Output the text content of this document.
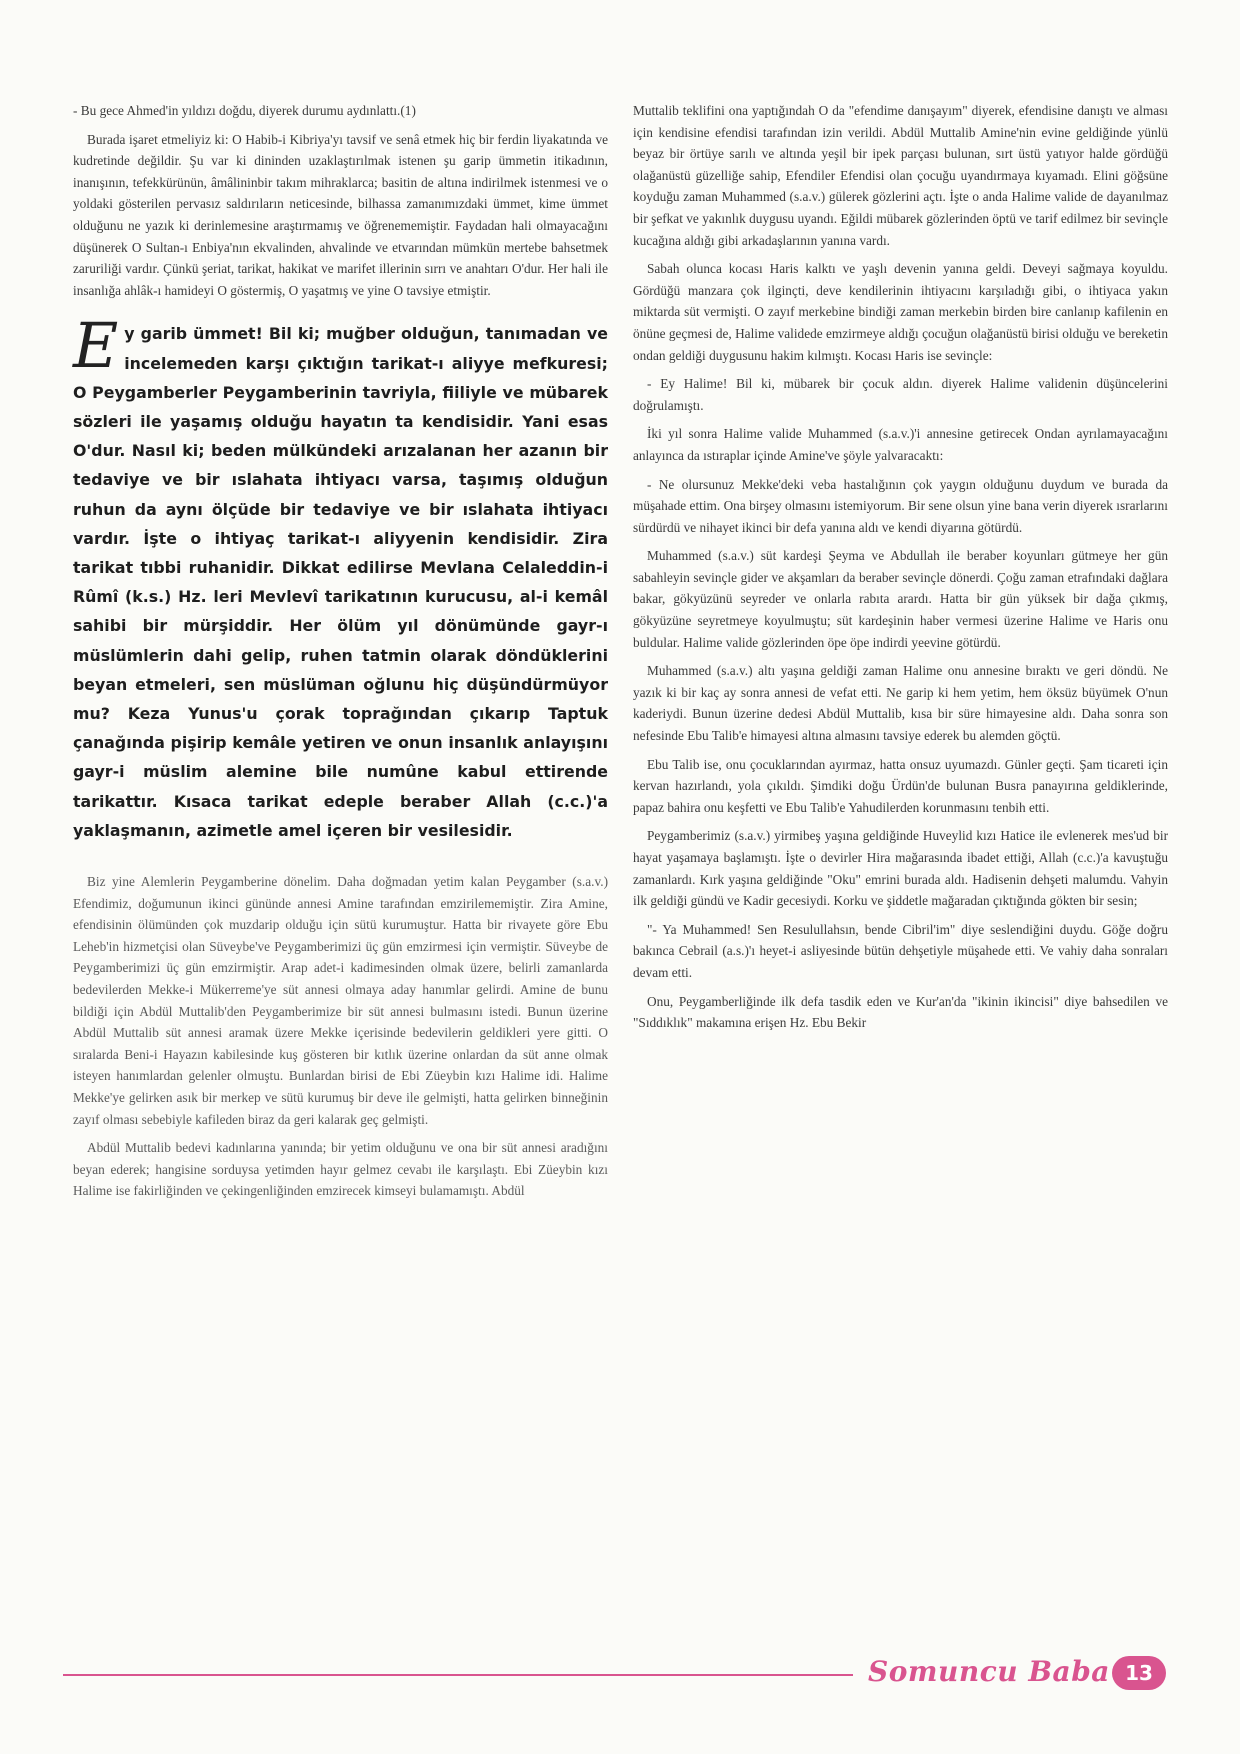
- Bu gece Ahmed'in yıldızı doğdu, diyerek durumu aydınlattı.(1)

Burada işaret etmeliyiz ki: O Habib-i Kibriya'yı tavsif ve senâ etmek hiç bir ferdin liyakatında ve kudretinde değildir. Şu var ki dininden uzaklaştırılmak istenen şu garip ümmetin itikadının, inanışının, tefekkürünün, âmâlininbir takım mihraklarca; basitin de altına indirilmek istenmesi ve o yoldaki gösterilen pervasız saldırıların neticesinde, bilhassa zamanımızdaki ümmet, kime ümmet olduğunu ne yazık ki derinlemesine araştırmamış ve öğrenememiştir. Faydadan hali olmayacağını düşünerek O Sultan-ı Enbiya'nın ekvalinden, ahvalinde ve etvarından mümkün mertebe bahsetmek zaruriliği vardır. Çünkü şeriat, tarikat, hakikat ve marifet illerinin sırrı ve anahtarı O'dur. Her hali ile insanlığa ahlâk-ı hamideyi O göstermiş, O yaşatmış ve yine O tavsiye etmiştir.

E y garib ümmet! Bil ki; muğber olduğun, tanımadan ve incelemeden karşı çıktığın tarikat-ı aliyye mefkuresi; O Peygamberler Peygamberinin tavriyla, fiiliyle ve mübarek sözleri ile yaşamış olduğu hayatın ta kendisidir. Yani esas O'dur. Nasıl ki; beden mülkündeki arızalanan her azanın bir tedaviye ve bir ıslahata ihtiyacı varsa, taşımış olduğun ruhun da aynı ölçüde bir tedaviye ve bir ıslahata ihtiyacı vardır. İşte o ihtiyaç tarikat-ı aliyyenin kendisidir. Zira tarikat tıbbi ruhanidir. Dikkat edilirse Mevlana Celaleddin-i Rûmî (k.s.) Hz. leri Mevlevî tarikatının kurucusu, al-i kemâl sahibi bir mürşiddir. Her ölüm yıl dönümünde gayr-ı müslümlerin dahi gelip, ruhen tatmin olarak döndüklerini beyan etmeleri, sen müslüman oğlunu hiç düşündürmüyor mu? Keza Yunus'u çorak toprağından çıkarıp Taptuk çanağında pişirip kemâle yetiren ve onun insanlık anlayışını gayr-i müslim alemine bile numûne kabul ettirende tarikattır. Kısaca tarikat edeple beraber Allah (c.c.)'a yaklaşmanın, azimetle amel içeren bir vesilesidir.

Biz yine Alemlerin Peygamberine dönelim. Daha doğmadan yetim kalan Peygamber (s.a.v.) Efendimiz, doğumunun ikinci gününde annesi Amine tarafından emzirilememiştir. Zira Amine, efendisinin ölümünden çok muzdarip olduğu için sütü kurumuştur. Hatta bir rivayete göre Ebu Leheb'in hizmetçisi olan Süveybe've Peygamberimizi üç gün emzirmesi için vermiştir. Süveybe de Peygamberimizi üç gün emzirmiştir. Arap adet-i kadimesinden olmak üzere, belirli zamanlarda bedevilerden Mekke-i Mükerreme'ye süt annesi olmaya aday hanımlar gelirdi. Amine de bunu bildiği için Abdül Muttalib'den Peygamberimize bir süt annesi bulmasını istedi. Bunun üzerine Abdül Muttalib süt annesi aramak üzere Mekke içerisinde bedevilerin geldikleri yere gitti. O sıralarda Beni-i Hayazın kabilesinde kuş gösteren bir kıtlık üzerine onlardan da süt anne olmak isteyen hanımlardan gelenler olmuştu. Bunlardan birisi de Ebi Züeybin kızı Halime idi. Halime Mekke'ye gelirken asık bir merkep ve sütü kurumuş bir deve ile gelmişti, hatta gelirken binneğinin zayıf olması sebebiyle kafileden biraz da geri kalarak geç gelmişti.

Abdül Muttalib bedevi kadınlarına yanında; bir yetim olduğunu ve ona bir süt annesi aradığını beyan ederek; hangisine sorduysa yetimden hayır gelmez cevabı ile karşılaştı. Ebi Züeybin kızı Halime ise fakirliğinden ve çekingenliğinden emzirecek kimseyi bulamamıştı. Abdül

Muttalib teklifini ona yaptığındah O da "efendime danışayım" diyerek, efendisine danıştı ve alması için kendisine efendisi tarafından izin verildi. Abdül Muttalib Amine'nin evine geldiğinde yünlü beyaz bir örtüye sarılı ve altında yeşil bir ipek parçası bulunan, sırt üstü yatıyor halde gördüğü olağanüstü güzelliğe sahip, Efendiler Efendisi olan çocuğu uyandırmaya kıyamadı. Elini göğsüne koyduğu zaman Muhammed (s.a.v.) gülerek gözlerini açtı. İşte o anda Halime valide de dayanılmaz bir şefkat ve yakınlık duygusu uyandı. Eğildi mübarek gözlerinden öptü ve tarif edilmez bir sevinçle kucağına aldığı gibi arkadaşlarının yanına vardı.

Sabah olunca kocası Haris kalktı ve yaşlı devenin yanına geldi. Deveyi sağmaya koyuldu. Gördüğü manzara çok ilginçti, deve kendilerinin ihtiyacını karşıladığı gibi, o ihtiyaca yakın miktarda süt vermişti. O zayıf merkebine bindiği zaman merkebin birden bire canlanıp kafilenin en önüne geçmesi de, Halime validede emzirmeye aldığı çocuğun olağanüstü birisi olduğu ve bereketin ondan geldiği duygusunu hakim kılmıştı. Kocası Haris ise sevinçle:

- Ey Halime! Bil ki, mübarek bir çocuk aldın. diyerek Halime validenin düşüncelerini doğrulamıştı.

İki yıl sonra Halime valide Muhammed (s.a.v.)'i annesine getirecek Ondan ayrılamayacağını anlayınca da ıstıraplar içinde Amine've şöyle yalvaracaktı:

- Ne olursunuz Mekke'deki veba hastalığının çok yaygın olduğunu duydum ve burada da müşahade ettim. Ona birşey olmasını istemiyorum. Bir sene olsun yine bana verin diyerek ısrarlarını sürdürdü ve nihayet ikinci bir defa yanına aldı ve kendi diyarına götürdü.

Muhammed (s.a.v.) süt kardeşi Şeyma ve Abdullah ile beraber koyunları gütmeye her gün sabahleyin sevinçle gider ve akşamları da beraber sevinçle dönerdi. Çoğu zaman etrafındaki dağlara bakar, gökyüzünü seyreder ve onlarla rabıta arardı. Hatta bir gün yüksek bir dağa çıkmış, gökyüzüne seyretmeye koyulmuştu; süt kardeşinin haber vermesi üzerine Halime ve Haris onu buldular. Halime valide gözlerinden öpe öpe indirdi yeevine götürdü.

Muhammed (s.a.v.) altı yaşına geldiği zaman Halime onu annesine bıraktı ve geri döndü. Ne yazık ki bir kaç ay sonra annesi de vefat etti. Ne garip ki hem yetim, hem öksüz büyümek O'nun kaderiydi. Bunun üzerine dedesi Abdül Muttalib, kısa bir süre himayesine aldı. Daha sonra son nefesinde Ebu Talib'e himayesi altına almasını tavsiye ederek bu alemden göçtü.

Ebu Talib ise, onu çocuklarından ayırmaz, hatta onsuz uyumazdı. Günler geçti. Şam ticareti için kervan hazırlandı, yola çıkıldı. Şimdiki doğu Ürdün'de bulunan Busra panayırına geldiklerinde, papaz bahira onu keşfetti ve Ebu Talib'e Yahudilerden korunmasını tenbih etti.

Peygamberimiz (s.a.v.) yirmibeş yaşına geldiğinde Huveylid kızı Hatice ile evlenerek mes'ud bir hayat yaşamaya başlamıştı. İşte o devirler Hira mağarasında ibadet ettiği, Allah (c.c.)'a kavuştuğu zamanlardı. Kırk yaşına geldiğinde "Oku" emrini burada aldı. Hadisenin dehşeti malumdu. Vahyin ilk geldiği gündü ve Kadir gecesiydi. Korku ve şiddetle mağaradan çıktığında gökten bir sesin;

"- Ya Muhammed! Sen Resulullahsın, bende Cibril'im" diye seslendiğini duydu. Göğe doğru bakınca Cebrail (a.s.)'ı heyet-i asliyesinde bütün dehşetiyle müşahede etti. Ve vahiy daha sonraları devam etti.

Onu, Peygamberliğinde ilk defa tasdik eden ve Kur'an'da "ikinin ikincisi" diye bahsedilen ve "Sıddıklık" makamına erişen Hz. Ebu Bekir

Somuncu Baba 13
